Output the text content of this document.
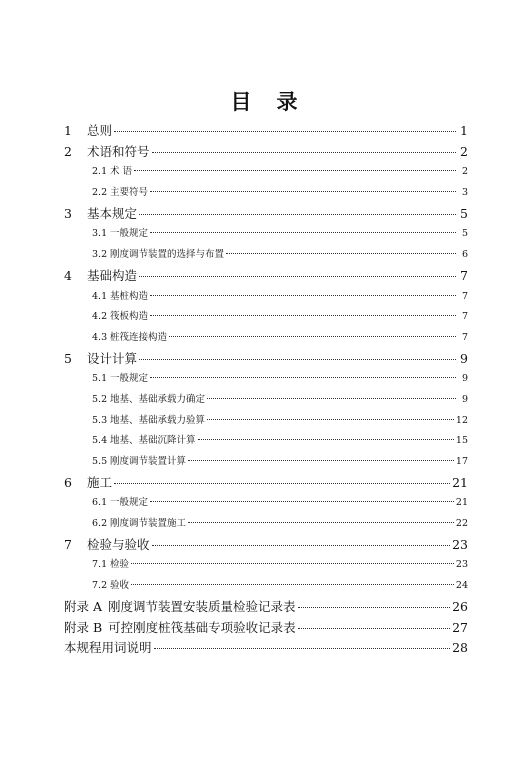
目　录
1	总则	1
2	术语和符号	2
2.1 术 语	2
2.2 主要符号	3
3	基本规定	5
3.1 一般规定	5
3.2 刚度调节装置的选择与布置	6
4	基础构造	7
4.1 基桩构造	7
4.2 筏板构造	7
4.3 桩筏连接构造	7
5	设计计算	9
5.1 一般规定	9
5.2 地基、基础承载力确定	9
5.3 地基、基础承载力验算	12
5.4 地基、基础沉降计算	15
5.5 刚度调节装置计算	17
6	施工	21
6.1 一般规定	21
6.2 刚度调节装置施工	22
7	检验与验收	23
7.1 检验	23
7.2 验收	24
附录 A 刚度调节装置安装质量检验记录表	26
附录 B 可控刚度桩筏基础专项验收记录表	27
本规程用词说明	28
